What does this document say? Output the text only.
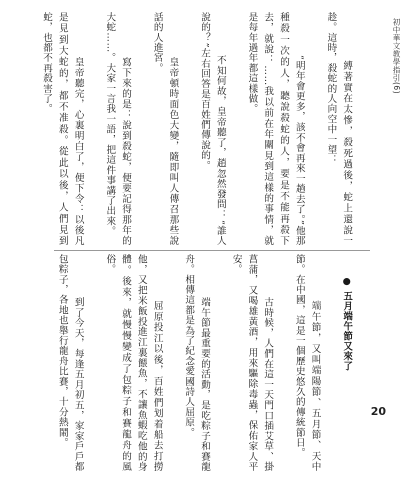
初中華文教學指引(6)
20

　　縛著實在太慘，殺死過後，蛇上還說一趁。這時，殺蛇的人向空中一望：

　　“明年會更多，該不會再來一趟去了。”他那種殺一次的人，聽說殺蛇的人，要是不能再殺下去，就說：……我以前在年關見到這樣的事情，就是每年過年都這樣做。

　　不知何故，皇帝聽了，趙忽然發問：“誰人說的？”左右回答是百姓們傳說的。

　　皇帝頓時面色大變，隨即叫人傳召那些說話的人進宮。

　　寫下來的是：說到殺蛇，便要記得那年的大蛇……。大家一言我一語，把這件事講了出來。

　　皇帝聽完，心裏明白了，便下令：以後凡是見到大蛇的，都不准殺。從此以後，人們見到蛇，也都不再殺害了。

● 五月端午節又來了

　　端午節，又叫端陽節、五月節、天中節。在中國，這是一個歷史悠久的傳統節日。

　　古時候，人們在這一天門口插艾草、掛菖蒲，又喝雄黃酒，用來驅除毒蟲，保佑家人平安。

　　端午節最重要的活動，是吃粽子和賽龍舟。相傳這都是為了紀念愛國詩人屈原。

　　屈原投江以後，百姓們划着船去打撈他，又把米飯投進江裏餵魚，不讓魚蝦吃他的身體。後來，就慢慢變成了包粽子和賽龍舟的風俗。

　　到了今天，每逢五月初五，家家戶戶都包粽子，各地也舉行龍舟比賽，十分熱鬧。
